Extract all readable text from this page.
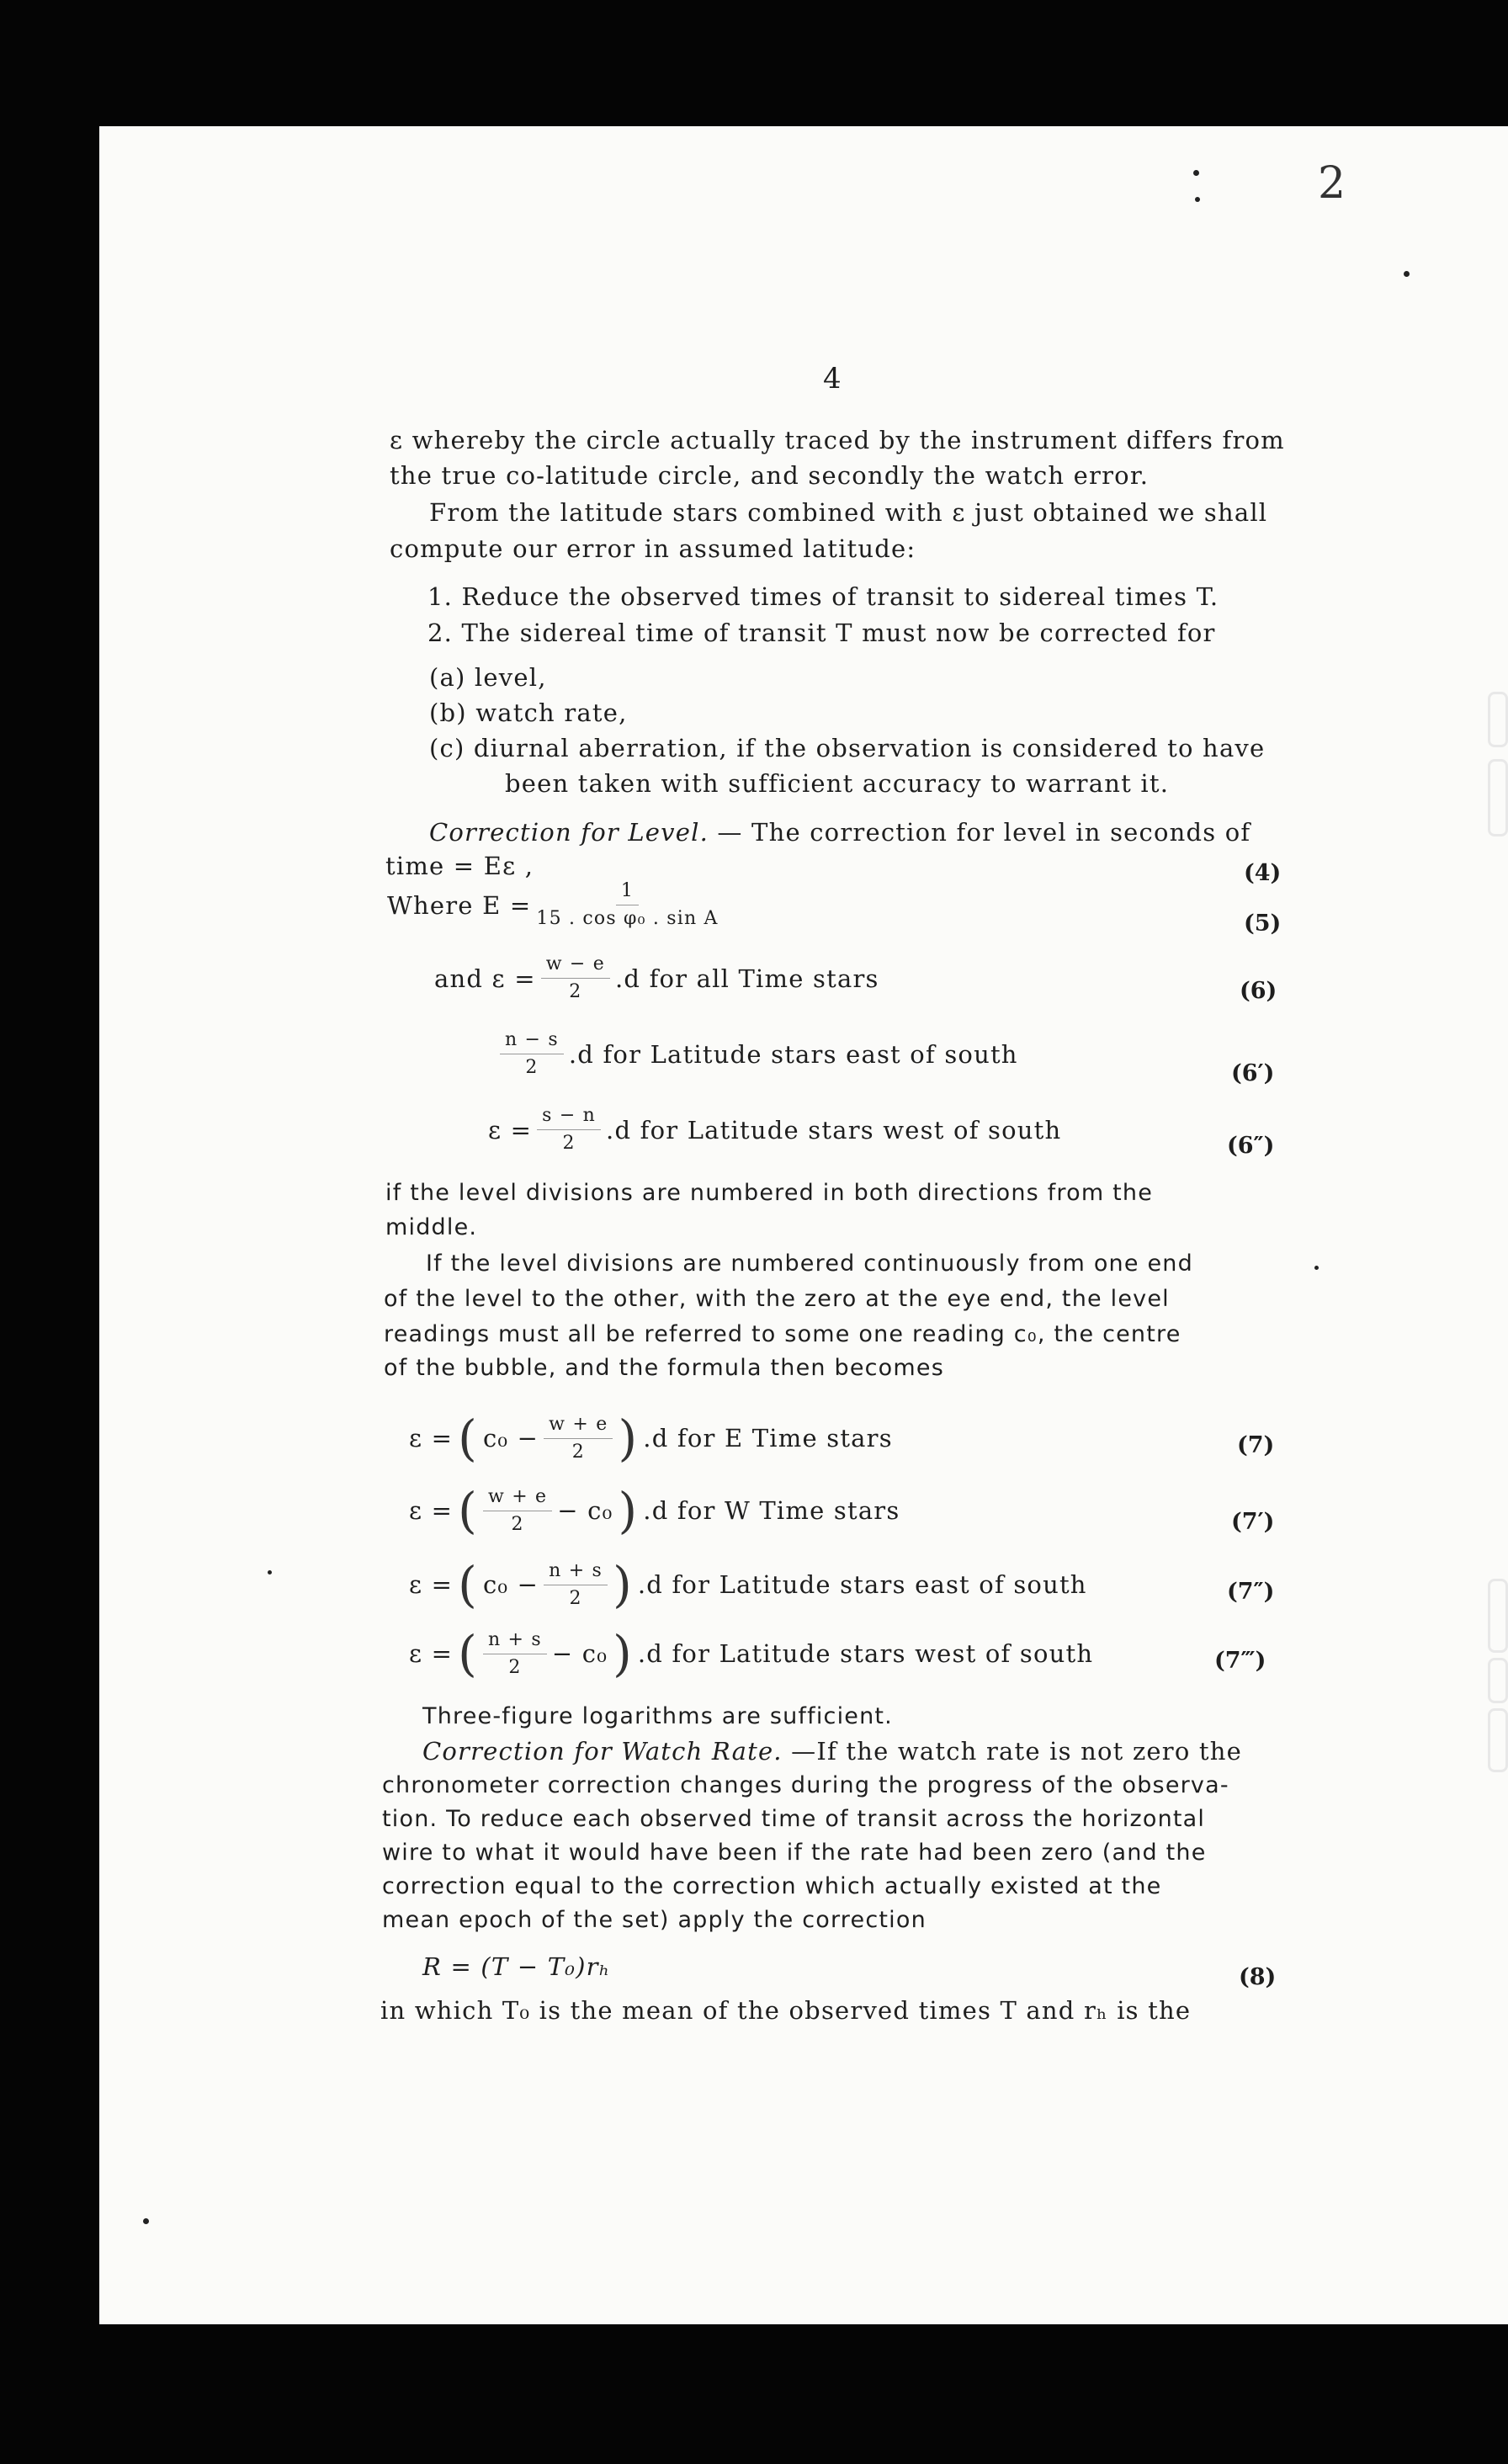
4
2
ε whereby the circle actually traced by the instrument differs from
the true co-latitude circle, and secondly the watch error.
From the latitude stars combined with ε just obtained we shall
compute our error in assumed latitude:
1. Reduce the observed times of transit to sidereal times T.
2. The sidereal time of transit T must now be corrected for
(a) level,
(b) watch rate,
(c) diurnal aberration, if the observation is considered to have
been taken with sufficient accuracy to warrant it.
Correction for Level. — The correction for level in seconds of
time = Eε ,	(4)
Where $E = \frac{1}{\text{15 . cos φ₀ . sin A}}$	(5)
and $\varepsilon = \frac{w - e}{2} .d$ for all Time stars	(6)
$\frac{n - s}{2} .d$ for Latitude stars east of south
(6′)
$\varepsilon = \frac{s - n}{2} .d$ for Latitude stars west of south
(6″)
if the level divisions are numbered in both directions from the
middle.
If the level divisions are numbered continuously from one end
of the level to the other, with the zero at the eye end, the level
readings must all be referred to some one reading c₀, the centre
of the bubble, and the formula then becomes
ε = ( $c_0 - \frac{w + e}{2}$ ) .d for E Time stars	(7)
ε = ( $\frac{w + e}{2} - c_0$ ) .d for W Time stars	(7′)
ε = ( $c_0 - \frac{n + s}{2}$ ) .d for Latitude stars east of south	(7″)
ε = ( $\frac{n + s}{2} - c_0$ ) .d for Latitude stars west of south	(7‴)
Three-figure logarithms are sufficient.
Correction for Watch Rate. —If the watch rate is not zero the
chronometer correction changes during the progress of the observa-
tion. To reduce each observed time of transit across the horizontal
wire to what it would have been if the rate had been zero (and the
correction equal to the correction which actually existed at the
mean epoch of the set) apply the correction
R = (T − T₀)rₕ	(8)
in which T₀ is the mean of the observed times T and rₕ is the
